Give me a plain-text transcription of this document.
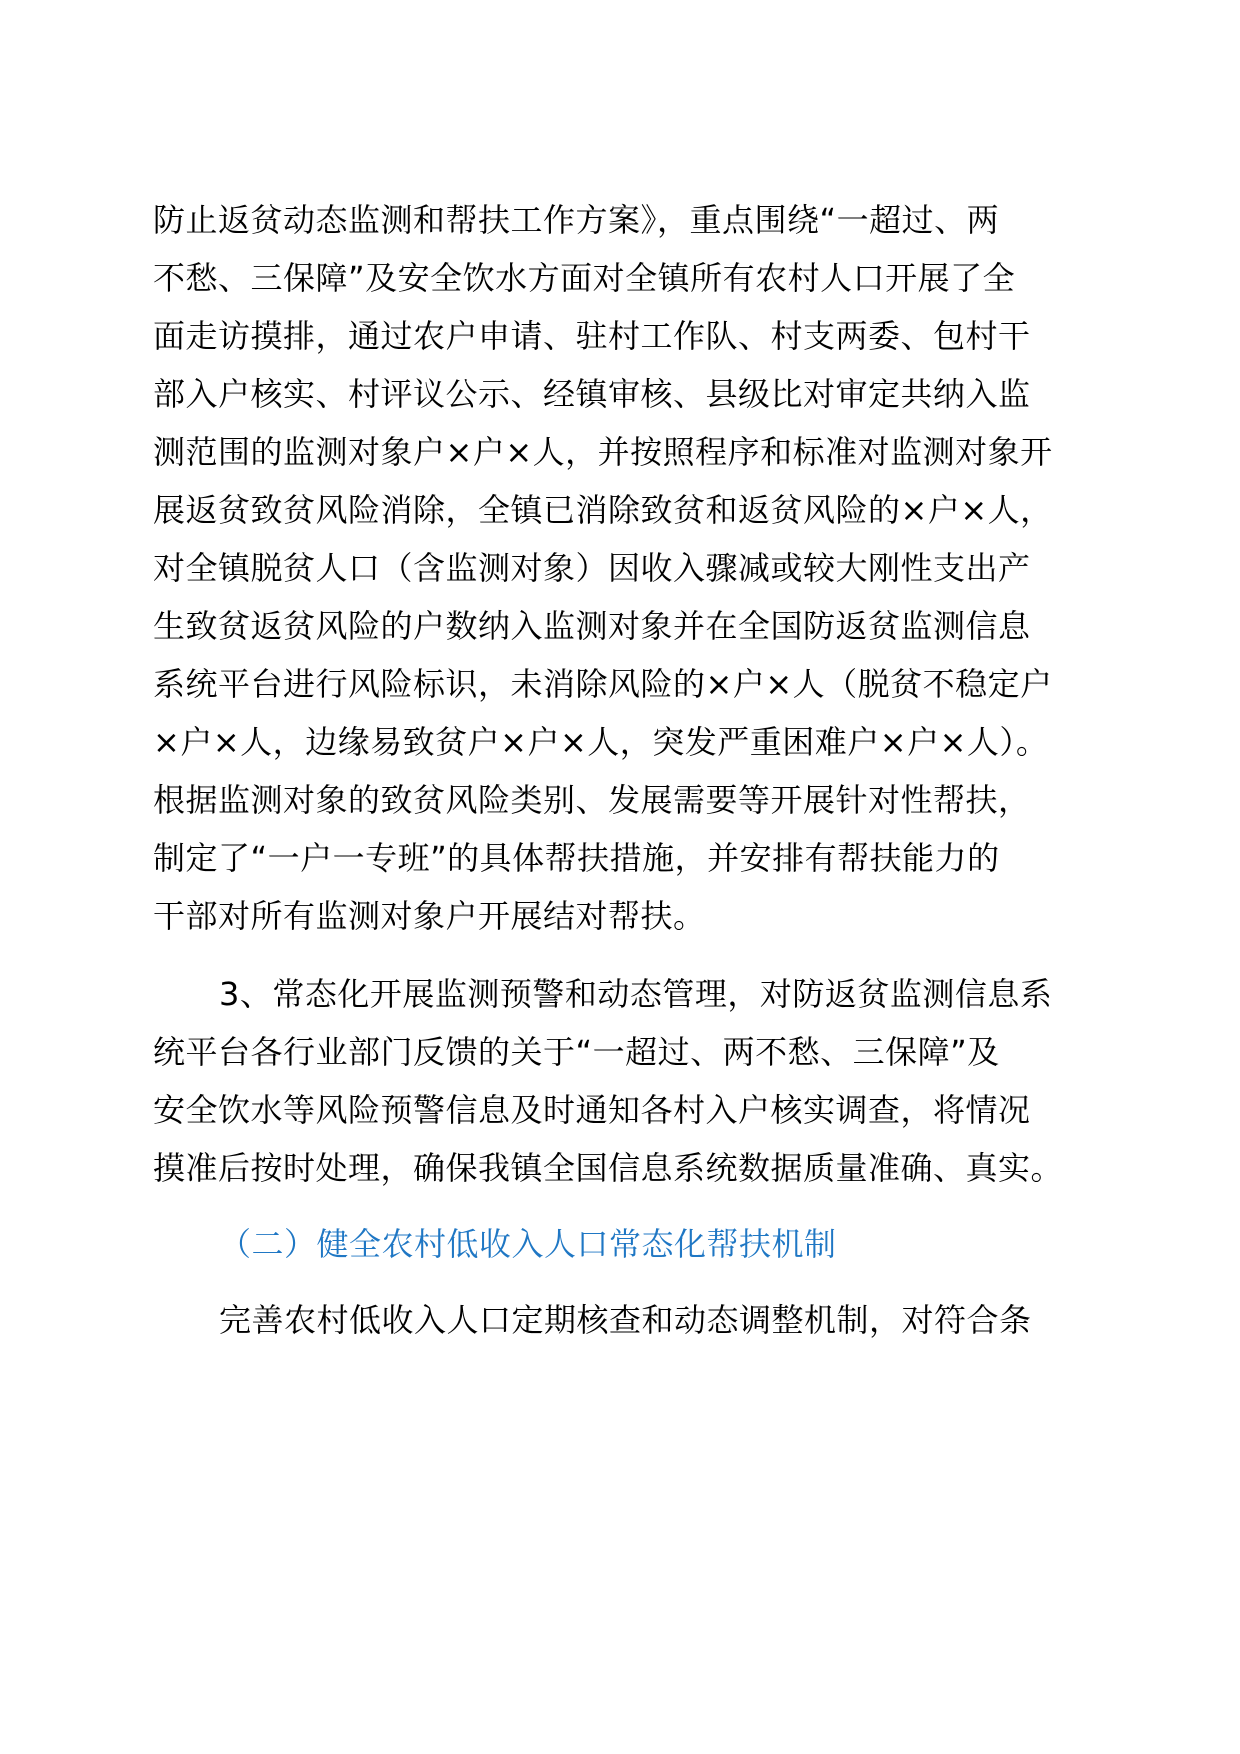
防止返贫动态监测和帮扶工作方案》，重点围绕“一超过、两
不愁、三保障”及安全饮水方面对全镇所有农村人口开展了全
面走访摸排，通过农户申请、驻村工作队、村支两委、包村干
部入户核实、村评议公示、经镇审核、县级比对审定共纳入监
测范围的监测对象户×户×人，并按照程序和标准对监测对象开
展返贫致贫风险消除，全镇已消除致贫和返贫风险的×户×人，
对全镇脱贫人口（含监测对象）因收入骤减或较大刚性支出产
生致贫返贫风险的户数纳入监测对象并在全国防返贫监测信息
系统平台进行风险标识，未消除风险的×户×人（脱贫不稳定户
×户×人，边缘易致贫户×户×人，突发严重困难户×户×人）。
根据监测对象的致贫风险类别、发展需要等开展针对性帮扶，
制定了“一户一专班”的具体帮扶措施，并安排有帮扶能力的
干部对所有监测对象户开展结对帮扶。
3、常态化开展监测预警和动态管理，对防返贫监测信息系
统平台各行业部门反馈的关于“一超过、两不愁、三保障”及
安全饮水等风险预警信息及时通知各村入户核实调查，将情况
摸准后按时处理，确保我镇全国信息系统数据质量准确、真实。
（二）健全农村低收入人口常态化帮扶机制
完善农村低收入人口定期核查和动态调整机制，对符合条
